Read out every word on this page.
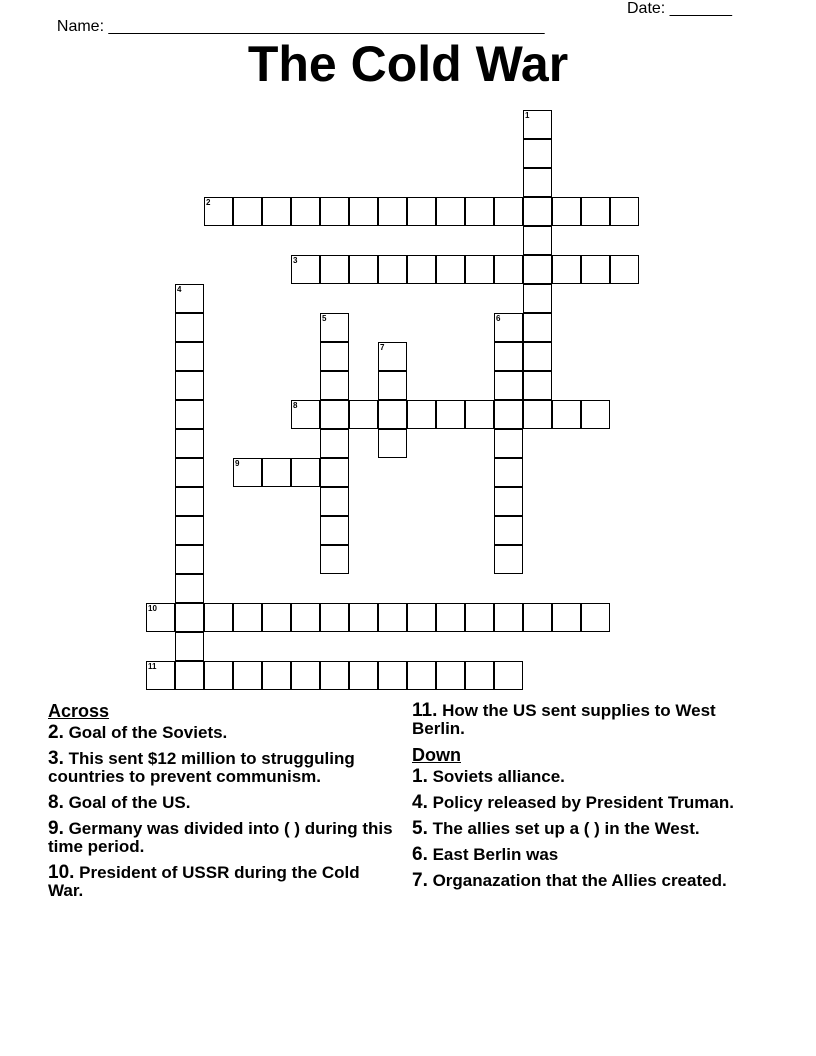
Name: _________________________________________________

Date: _______

The Cold War
1
2
3
4
5	6
7
8
9
10
11
Across
2. Goal of the Soviets.
3. This sent $12 million to strugguling countries to prevent communism.
8. Goal of the US.
9. Germany was divided into ( ) during this time period.
10. President of USSR during the Cold War.
11. How the US sent supplies to West Berlin.
Down
1. Soviets alliance.
4. Policy released by President Truman.
5. The allies set up a ( ) in the West.
6. East Berlin was
7. Organazation that the Allies created.
